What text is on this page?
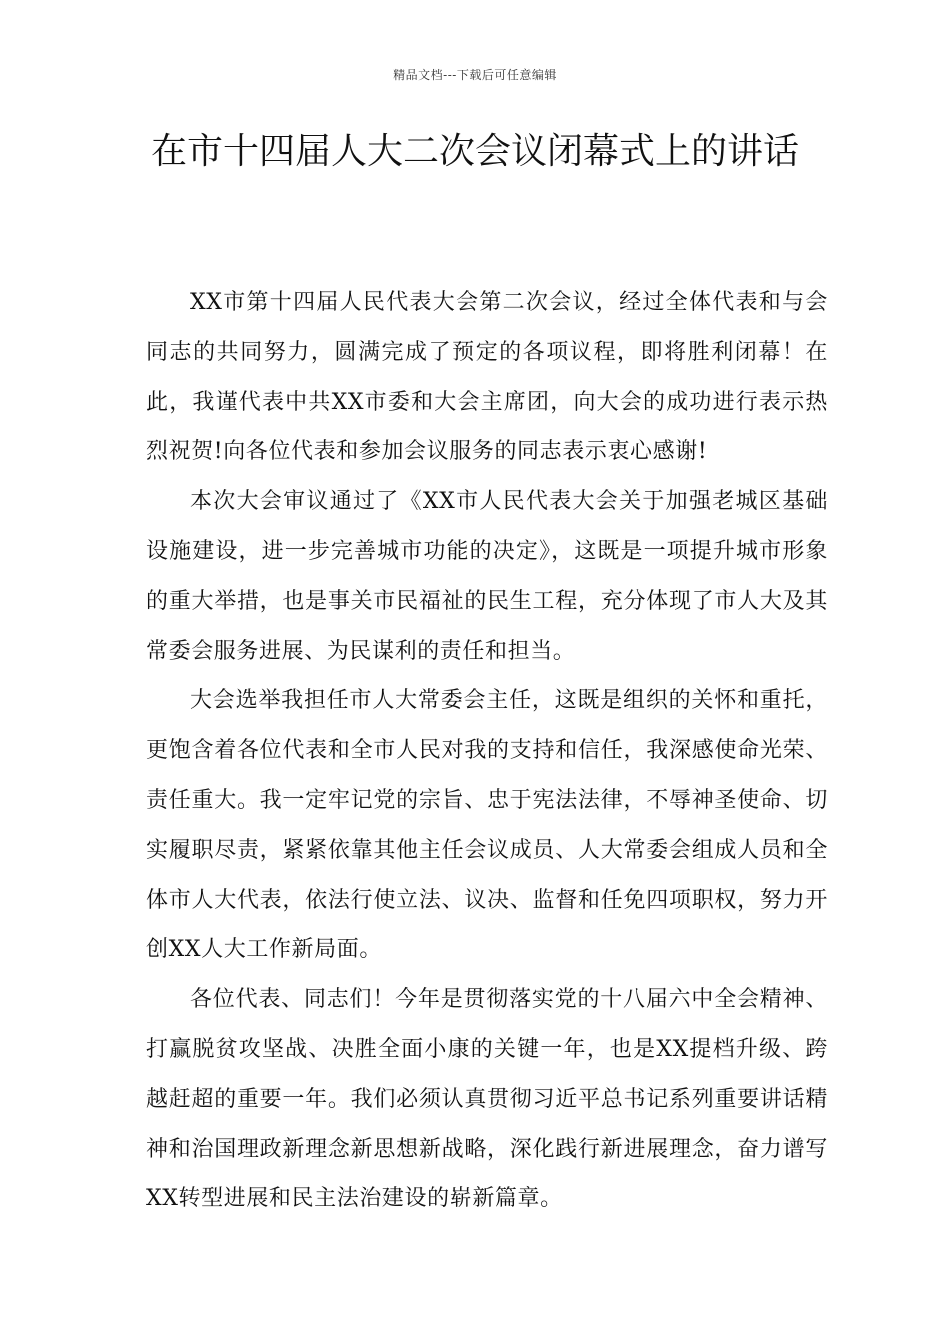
精品文档---下载后可任意编辑
在市十四届人大二次会议闭幕式上的讲话

XX市第十四届人民代表大会第二次会议，经过全体代表和与会同志的共同努力，圆满完成了预定的各项议程，即将胜利闭幕！在此，我谨代表中共XX市委和大会主席团，向大会的成功进行表示热烈祝贺!向各位代表和参加会议服务的同志表示衷心感谢!

本次大会审议通过了《XX市人民代表大会关于加强老城区基础设施建设，进一步完善城市功能的决定》，这既是一项提升城市形象的重大举措，也是事关市民福祉的民生工程，充分体现了市人大及其常委会服务进展、为民谋利的责任和担当。

大会选举我担任市人大常委会主任，这既是组织的关怀和重托，更饱含着各位代表和全市人民对我的支持和信任，我深感使命光荣、责任重大。我一定牢记党的宗旨、忠于宪法法律，不辱神圣使命、切实履职尽责，紧紧依靠其他主任会议成员、人大常委会组成人员和全体市人大代表，依法行使立法、议决、监督和任免四项职权，努力开创XX人大工作新局面。

各位代表、同志们！今年是贯彻落实党的十八届六中全会精神、打赢脱贫攻坚战、决胜全面小康的关键一年，也是XX提档升级、跨越赶超的重要一年。我们必须认真贯彻习近平总书记系列重要讲话精神和治国理政新理念新思想新战略，深化践行新进展理念，奋力谱写XX转型进展和民主法治建设的崭新篇章。
